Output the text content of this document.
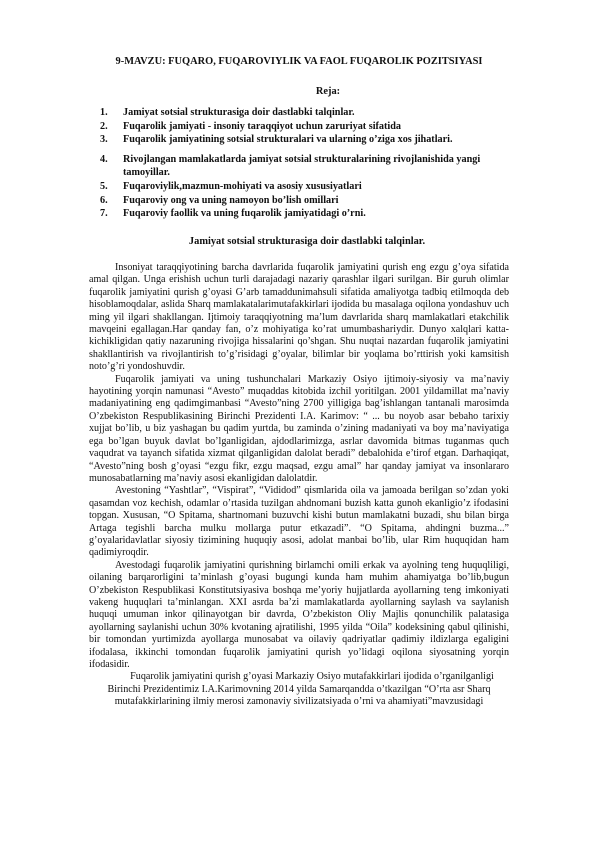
9-MAVZU: FUQARO, FUQAROVIYLIK VA FAOL FUQAROLIK POZITSIYASI
Reja:
1.	Jamiyat sotsial strukturasiga doir dastlabki talqinlar.
2.	Fuqarolik jamiyati - insoniy taraqqiyot uchun zaruriyat sifatida
3.	Fuqarolik jamiyatining sotsial strukturalari va ularning o’ziga xos jihatlari.
4.	Rivojlangan mamlakatlarda jamiyat sotsial strukturalarining rivojlanishida yangi tamoyillar.
5.	Fuqaroviylik,mazmun-mohiyati va asosiy xususiyatlari
6.	Fuqaroviy ong va uning namoyon bo’lish omillari
7.	Fuqaroviy faollik va uning fuqarolik jamiyatidagi o’rni.
Jamiyat sotsial strukturasiga doir dastlabki talqinlar.

Insoniyat taraqqiyotining barcha davrlarida fuqarolik jamiyatini qurish eng ezgu g’oya sifatida amal qilgan. Unga erishish uchun turli darajadagi nazariy qarashlar ilgari surilgan. Bir guruh olimlar fuqarolik jamiyatini qurish g’oyasi G’arb tamaddunimahsuli sifatida amaliyotga tadbiq etilmoqda deb hisoblamoqdalar, aslida Sharq mamlakatalarimutafakkirlari ijodida bu masalaga oqilona yondashuv uch ming yil ilgari shakllangan. Ijtimoiy taraqqiyotning ma’lum davrlarida sharq mamlakatlari etakchilik mavqeini egallagan.Har qanday fan, o’z mohiyatiga ko’rat umumbashariydir. Dunyo xalqlari katta-kichikligidan qatiy nazaruning rivojiga hissalarini qo’shgan. Shu nuqtai nazardan fuqarolik jamiyatini shakllantirish va rivojlantirish to’g’risidagi g’oyalar, bilimlar bir yoqlama bo’rttirish yoki kamsitish noto’g’ri yondoshuvdir.

Fuqarolik jamiyati va uning tushunchalari Markaziy Osiyo ijtimoiy-siyosiy va ma’naviy hayotining yorqin namunasi “Avesto” muqaddas kitobida izchil yoritilgan. 2001 yildamillat ma’naviy madaniyatining eng qadimgimanbasi “Avesto”ning 2700 yilligiga bag’ishlangan tantanali marosimda O’zbekiston Respublikasining Birinchi Prezidenti I.A. Karimov: “ ... bu noyob asar bebaho tarixiy xujjat bo’lib, u biz yashagan bu qadim yurtda, bu zaminda o’zining madaniyati va boy ma’naviyatiga ega bo’lgan buyuk davlat bo’lganligidan, ajdodlarimizga, asrlar davomida bitmas tuganmas quch vaqudrat va tayanch sifatida xizmat qilganligidan dalolat beradi” debalohida e’tirof etgan. Darhaqiqat, “Avesto”ning bosh g’oyasi “ezgu fikr, ezgu maqsad, ezgu amal” har qanday jamiyat va insonlararo munosabatlarning ma’naviy asosi ekanligidan dalolatdir.

Avestoning “Yashtlar”, “Vispirat”, “Vididod” qismlarida oila va jamoada berilgan so’zdan yoki qasamdan voz kechish, odamlar o’rtasida tuzilgan ahdnomani buzish katta gunoh ekanligio’z ifodasini topgan. Xususan, “O Spitama, shartnomani buzuvchi kishi butun mamlakatni buzadi, shu bilan birga Artaga tegishli barcha mulku mollarga putur etkazadi”. “O Spitama, ahdingni buzma...” g’oyalaridavlatlar siyosiy tizimining huquqiy asosi, adolat manbai bo’lib, ular Rim huquqidan ham qadimiyroqdir.

Avestodagi fuqarolik jamiyatini qurishning birlamchi omili erkak va ayolning teng huquqliligi, oilaning barqarorligini ta’minlash g’oyasi bugungi kunda ham muhim ahamiyatga bo’lib,bugun O’zbekiston Respublikasi Konstitutsiyasiva boshqa me’yoriy hujjatlarda ayollarning teng imkoniyati vakeng huquqlari ta’minlangan. XXI asrda ba’zi mamlakatlarda ayollarning saylash va saylanish huquqi umuman inkor qilinayotgan bir davrda, O’zbekiston Oliy Majlis qonunchilik palatasiga ayollarning saylanishi uchun 30% kvotaning ajratilishi, 1995 yilda “Oila” kodeksining qabul qilinishi, bir tomondan yurtimizda ayollarga munosabat va oilaviy qadriyatlar qadimiy ildizlarga egaligini ifodalasa, ikkinchi tomondan fuqarolik jamiyatini qurish yo’lidagi oqilona siyosatning yorqin ifodasidir.

Fuqarolik jamiyatini qurish g’oyasi Markaziy Osiyo mutafakkirlari ijodida o’rganilganligi Birinchi Prezidentimiz I.A.Karimovning 2014 yilda Samarqandda o’tkazilgan “O’rta asr Sharq mutafakkirlarining ilmiy merosi zamonaviy sivilizatsiyada o’rni va ahamiyati”mavzusidagi
